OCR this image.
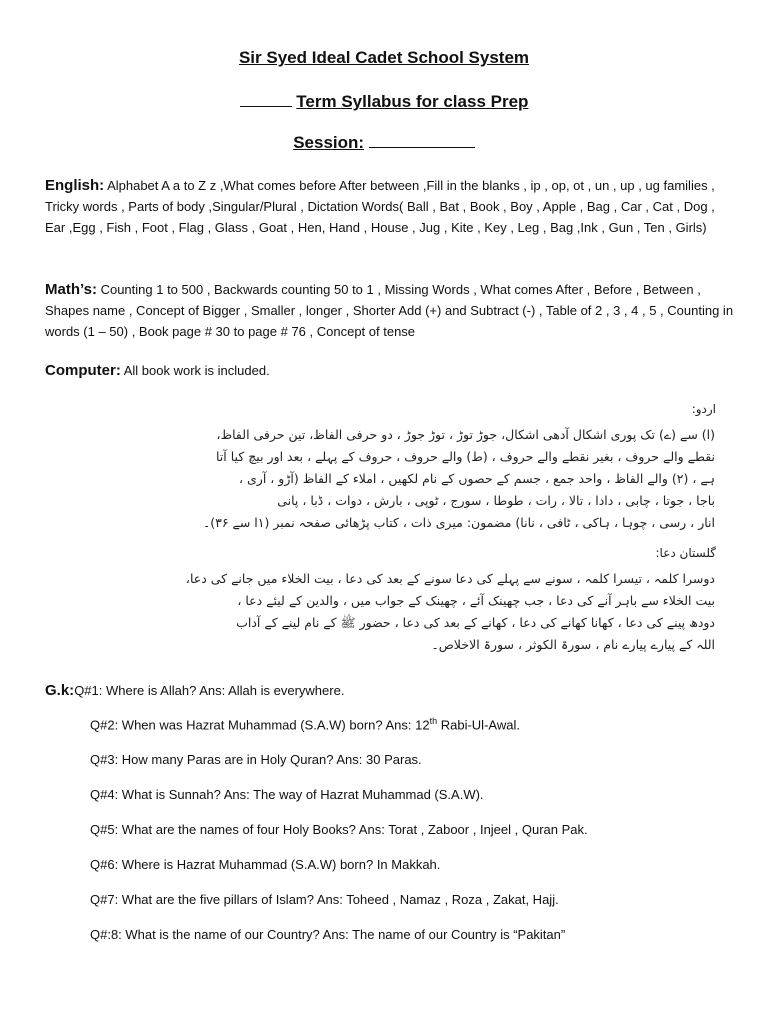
Sir Syed Ideal Cadet School System
Term Syllabus for class Prep
Session:
English: Alphabet A a to Z z ,What comes before After between ,Fill in the blanks , ip , op, ot , un , up , ug families , Tricky words , Parts of body ,Singular/Plural , Dictation Words( Ball , Bat , Book , Boy , Apple , Bag , Car , Cat , Dog , Ear ,Egg , Fish , Foot , Flag , Glass , Goat , Hen, Hand , House , Jug , Kite , Key , Leg , Bag ,Ink , Gun , Ten , Girls)
Math’s: Counting 1 to 500 , Backwards counting 50 to 1 , Missing Words , What comes After , Before , Between , Shapes name , Concept of Bigger , Smaller , longer , Shorter Add (+) and Subtract (-) , Table of 2 , 3 , 4 , 5 , Counting in words (1 – 50) , Book page # 30 to page # 76 , Concept of tense
Computer: All book work is included.
اردو:
(ا) سے (ے) تک پوری اشکال آدھی اشکال، جوڑ توڑ ، توڑ جوڑ ، دو حرفی الفاظ، تین حرفی الفاظ،
نقطے والے حروف ، بغیر نقطے والے حروف ، (ط) والے حروف ، حروف کے پہلے ، بعد اور بیچ کیا آتا
ہے ، (۲) والے الفاظ ، واحد جمع ، جسم کے حصوں کے نام لکھیں ، املاء کے الفاظ (آڑو ، آری ،
باجا ، جوتا ، چابی ، دادا ، تالا ، رات ، طوطا ، سورج ، ٹوپی ، بارش ، دوات ، ڈبا ، پانی
انار ، رسی ، چوہا ، ہاکی ، ٹافی ، نانا) مضمون: میری ذات ، کتاب پڑھائی صفحہ نمبر (۱ا سے ۳۶)۔
گلستان دعا:
دوسرا کلمہ ، تیسرا کلمہ ، سونے سے پہلے کی دعا سونے کے بعد کی دعا ، بیت الخلاء میں جانے کی دعا،
بیت الخلاء سے باہر آنے کی دعا ، جب چھینک آئے ، چھینک کے جواب میں ، والدین کے لیئے دعا ،
دودھ پینے کی دعا ، کھانا کھانے کی دعا ، کھانے کے بعد کی دعا ، حضور ﷺ کے نام لینے کے آداب
اللہ کے پیارے پیارے نام ، سورۃ الکوثر ، سورۃ الاخلاص۔
G.k:Q#1: Where is Allah? Ans: Allah is everywhere.
Q#2: When was Hazrat Muhammad (S.A.W) born? Ans: 12th Rabi-Ul-Awal.
Q#3: How many Paras are in Holy Quran? Ans: 30 Paras.
Q#4: What is Sunnah? Ans: The way of Hazrat Muhammad (S.A.W).
Q#5: What are the names of four Holy Books? Ans: Torat , Zaboor , Injeel , Quran Pak.
Q#6: Where is Hazrat Muhammad (S.A.W) born? In Makkah.
Q#7: What are the five pillars of Islam? Ans: Toheed , Namaz , Roza , Zakat, Hajj.
Q#:8: What is the name of our Country? Ans: The name of our Country is “Pakitan”
